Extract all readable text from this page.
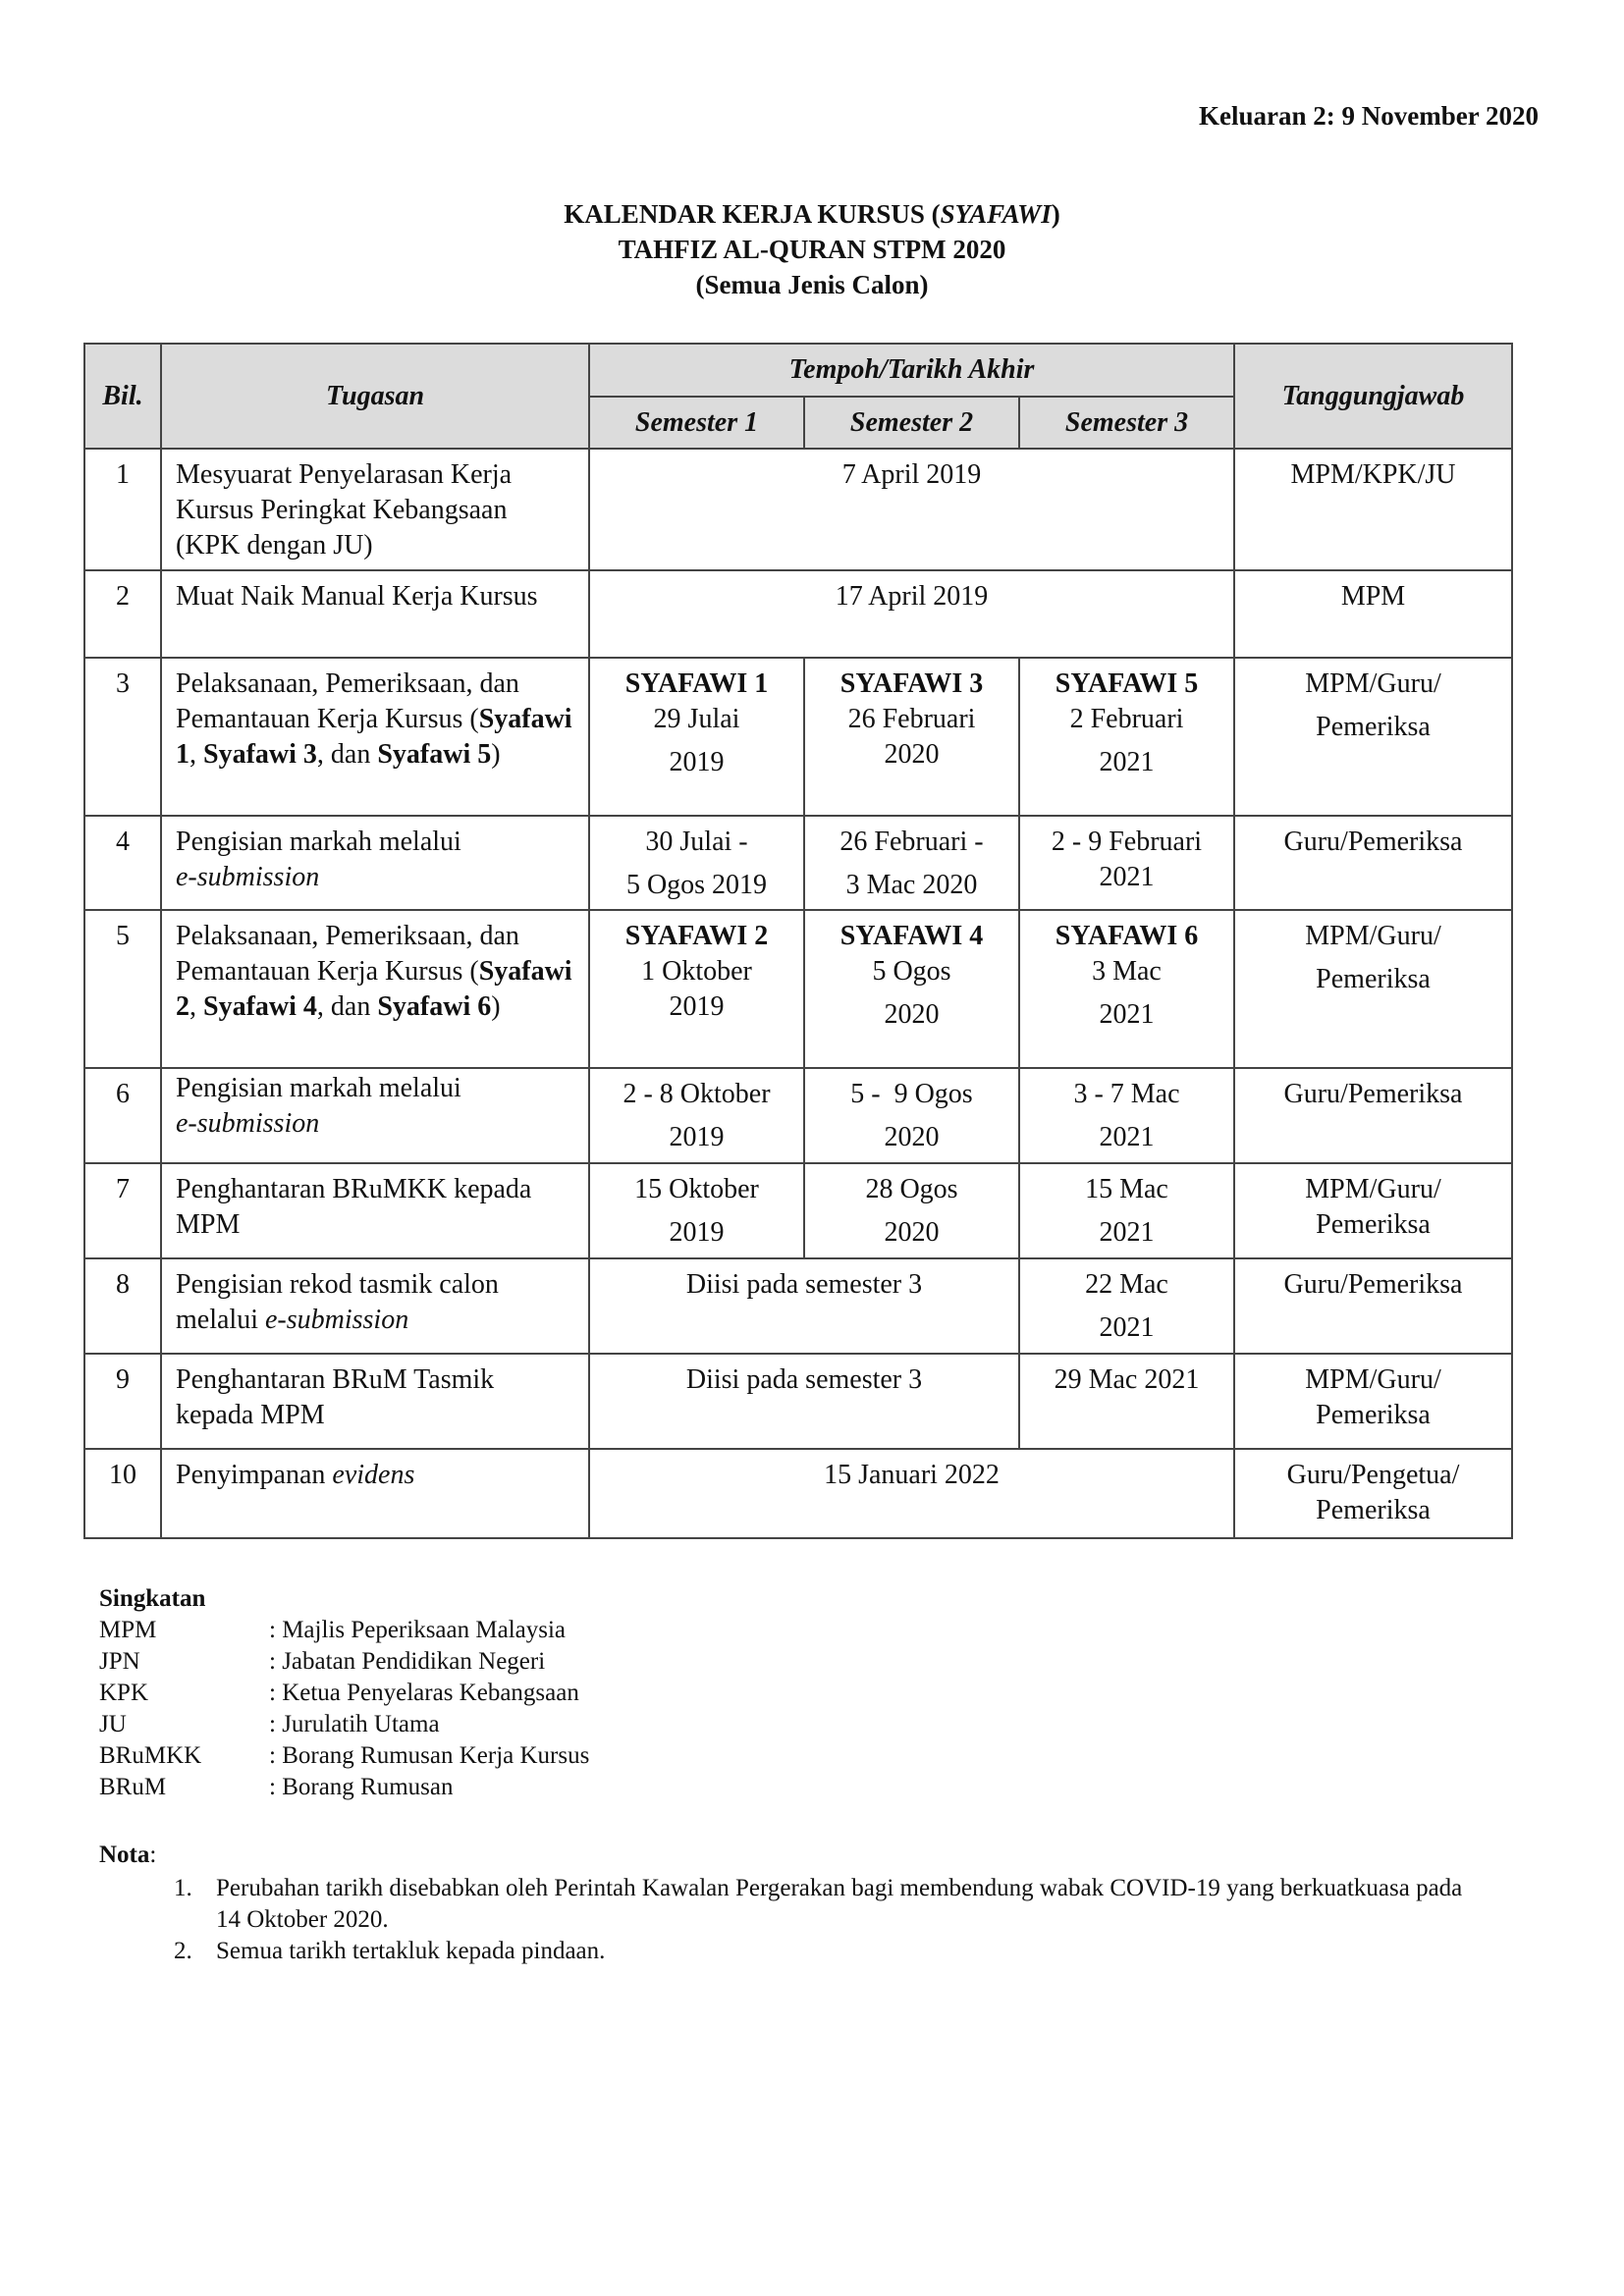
Keluaran 2: 9 November 2020
KALENDAR KERJA KURSUS (SYAFAWI)
TAHFIZ AL-QURAN STPM 2020
(Semua Jenis Calon)
Bil.	Tugasan	Tempoh/Tarikh Akhir			Tanggungjawab
		Semester 1	Semester 2	Semester 3	
1	Mesyuarat Penyelarasan Kerja Kursus Peringkat Kebangsaan (KPK dengan JU)	7 April 2019			MPM/KPK/JU
2	Muat Naik Manual Kerja Kursus	17 April 2019			MPM
3	Pelaksanaan, Pemeriksaan, dan Pemantauan Kerja Kursus (Syafawi 1, Syafawi 3, dan Syafawi 5)	SYAFAWI 1
29 Julai
2019	SYAFAWI 3
26 Februari
2020	SYAFAWI 5
2 Februari
2021	MPM/Guru/
Pemeriksa

4	Pengisian markah melalui
e-submission	30 Julai -
5 Ogos 2019	26 Februari -
3 Mac 2020	2 - 9 Februari
2021	Guru/Pemeriksa
5	Pelaksanaan, Pemeriksaan, dan Pemantauan Kerja Kursus (Syafawi 2, Syafawi 4, dan Syafawi 6)	SYAFAWI 2
1 Oktober
2019	SYAFAWI 4
5 Ogos
2020	SYAFAWI 6
3 Mac
2021	MPM/Guru/
Pemeriksa

6	Pengisian markah melalui
e-submission	2 - 8 Oktober
2019	5 -  9 Ogos
2020	3 - 7 Mac
2021	Guru/Pemeriksa
7	Penghantaran BRuMKK kepada MPM	15 Oktober
2019	28 Ogos
2020	15 Mac
2021	MPM/Guru/
Pemeriksa

8	Pengisian rekod tasmik calon melalui e-submission	Diisi pada semester 3		22 Mac
2021	Guru/Pemeriksa
9	Penghantaran BRuM Tasmik kepada MPM	Diisi pada semester 3		29 Mac 2021	MPM/Guru/
Pemeriksa

10	Penyimpanan evidens	15 Januari 2022			Guru/Pengetua/
Pemeriksa
Singkatan
MPM	: Majlis Peperiksaan Malaysia
JPN	: Jabatan Pendidikan Negeri
KPK	: Ketua Penyelaras Kebangsaan
JU	: Jurulatih Utama
BRuMKK	: Borang Rumusan Kerja Kursus
BRuM	: Borang Rumusan
Nota:
1. Perubahan tarikh disebabkan oleh Perintah Kawalan Pergerakan bagi membendung wabak COVID-19 yang berkuatkuasa pada 14 Oktober 2020.
2. Semua tarikh tertakluk kepada pindaan.
